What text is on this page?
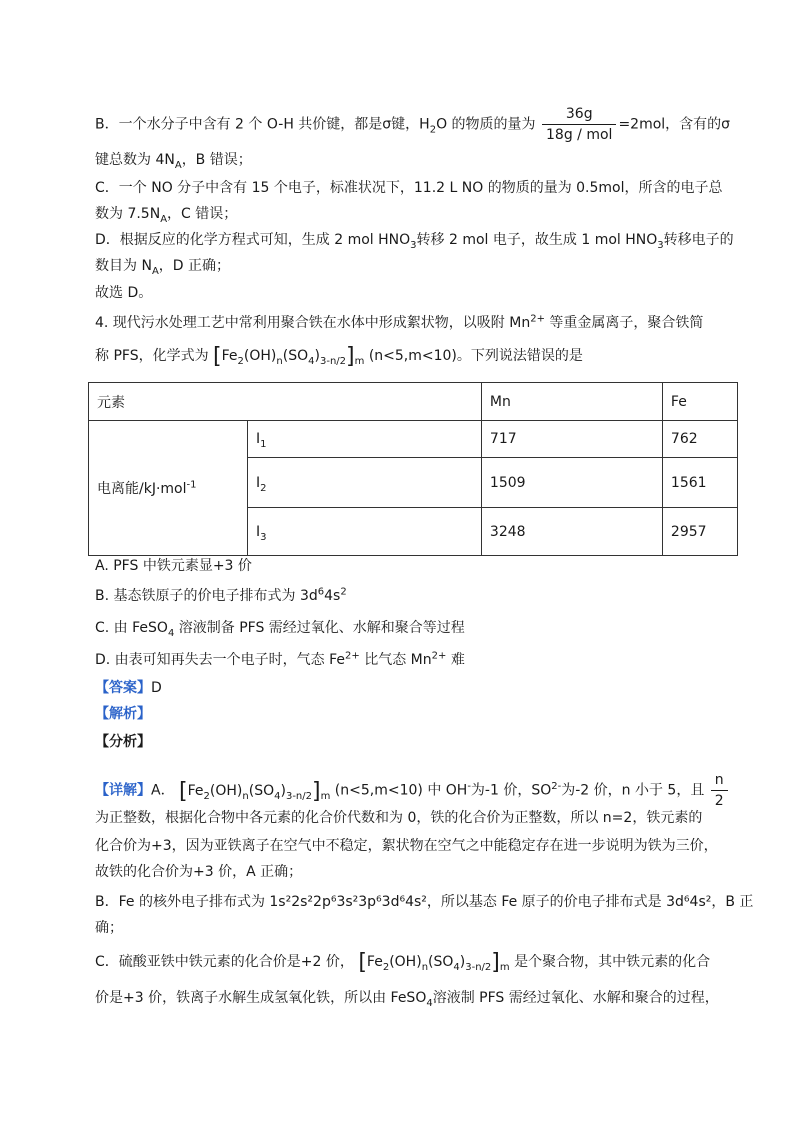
B．一个水分子中含有 2 个 O-H 共价键，都是σ键，$H_2O$ 的物质的量为 $\frac{36g}{\text{18g / mol}} =2mol$，含有的σ
键总数为 $4N_A$，B 错误；
C．一个 NO 分子中含有 15 个电子，标准状况下，11.2 L NO 的物质的量为 0.5mol，所含的电子总
数为 $7.5N_A$，C 错误；
D．根据反应的化学方程式可知，生成 2 mol $HNO_3$转移 2 mol 电子，故生成 1 mol $HNO_3$转移电子的
数目为 $N_A$，D 正确；
故选 D。
4. 现代污水处理工艺中常利用聚合铁在水体中形成絮状物，以吸附 $Mn^{2+}$ 等重金属离子，聚合铁简
称 PFS，化学式为 $[Fe_2(OH)_n(SO_4)_{3-n/2}]_m$ (n<5,m<10)。下列说法错误的是
元素		Mn	Fe
电离能/kJ·mol$^{-1}$	$I_1$	717	762
	$I_2$	1509	1561
	$I_3$	3248	2957
A. PFS 中铁元素显+3 价
B. 基态铁原子的价电子排布式为 $3d^64s^2$
C. 由 FeSO$_4$ 溶液制备 PFS 需经过氧化、水解和聚合等过程
D. 由表可知再失去一个电子时，气态 $Fe^{2+}$ 比气态 $Mn^{2+}$ 难
【答案】D
【解析】
【分析】
【详解】A． $[Fe_2(OH)_n(SO_4)_{3-n/2}]_m$ (n<5,m<10) 中 OH-为-1 价，$SO^{2-}$为-2 价，n 小于 5，且 $\frac{n}{2}$
为正整数，根据化合物中各元素的化合价代数和为 0，铁的化合价为正整数，所以 n=2，铁元素的
化合价为+3，因为亚铁离子在空气中不稳定，絮状物在空气之中能稳定存在进一步说明为铁为三价，
故铁的化合价为+3 价，A 正确；
B．Fe 的核外电子排布式为 1s²2s²2p⁶3s²3p⁶3d⁶4s²，所以基态 Fe 原子的价电子排布式是 3d⁶4s²，B 正
确；
C．硫酸亚铁中铁元素的化合价是+2 价， $[Fe_2(OH)_n(SO_4)_{3-n/2}]_m$ 是个聚合物，其中铁元素的化合
价是+3 价，铁离子水解生成氢氧化铁，所以由 FeSO$_4$溶液制 PFS 需经过氧化、水解和聚合的过程，
